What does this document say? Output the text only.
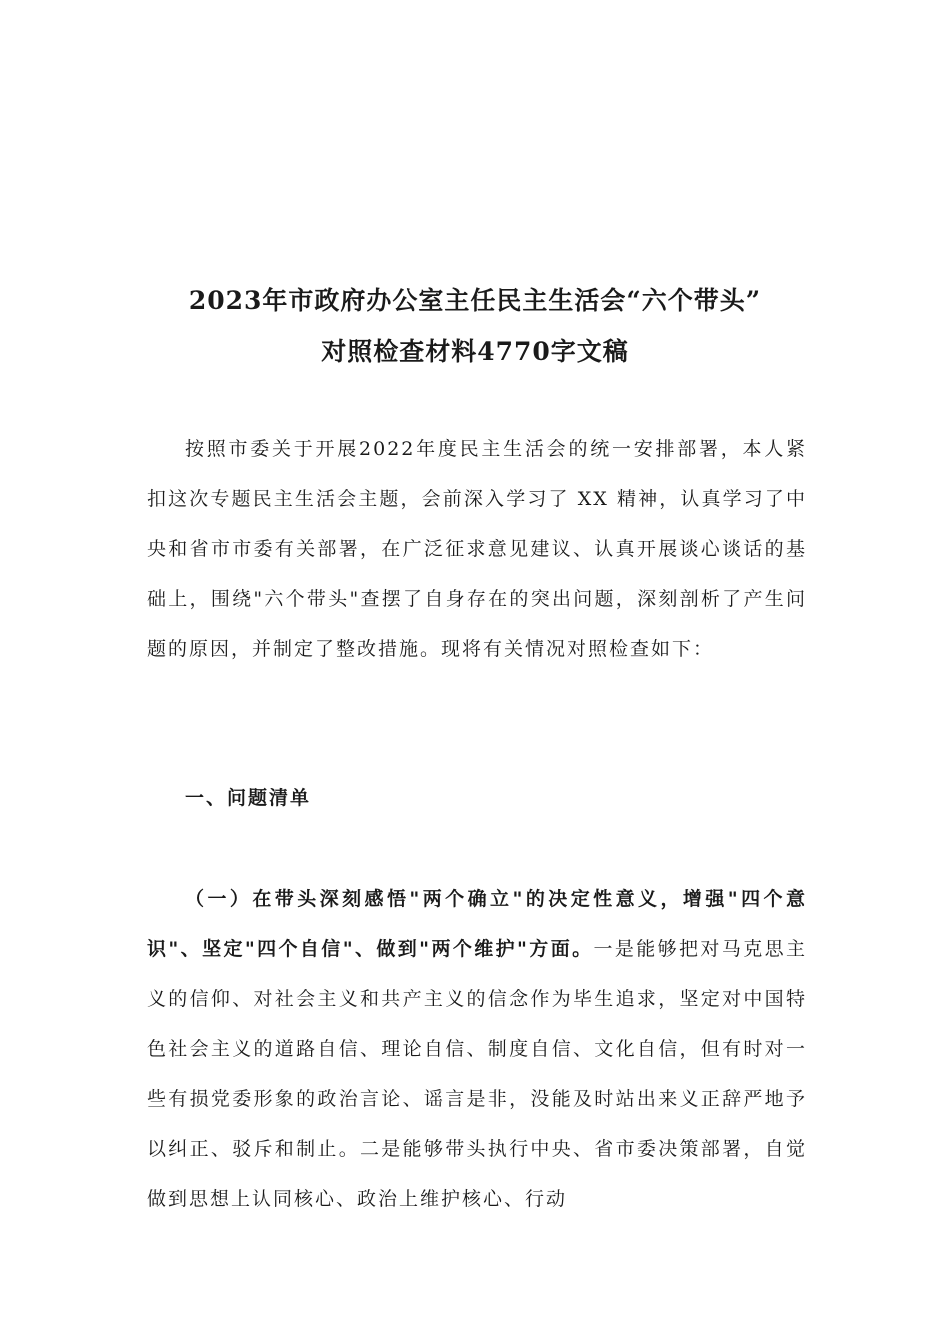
2023年市政府办公室主任民主生活会“六个带头”
对照检查材料4770字文稿
按照市委关于开展2022年度民主生活会的统一安排部署，本人紧扣这次专题民主生活会主题，会前深入学习了 XX 精神，认真学习了中央和省市市委有关部署，在广泛征求意见建议、认真开展谈心谈话的基础上，围绕"六个带头"查摆了自身存在的突出问题，深刻剖析了产生问题的原因，并制定了整改措施。现将有关情况对照检查如下：
一、问题清单
（一）在带头深刻感悟"两个确立"的决定性意义，增强"四个意识"、坚定"四个自信"、做到"两个维护"方面。一是能够把对马克思主义的信仰、对社会主义和共产主义的信念作为毕生追求，坚定对中国特色社会主义的道路自信、理论自信、制度自信、文化自信，但有时对一些有损党委形象的政治言论、谣言是非，没能及时站出来义正辞严地予以纠正、驳斥和制止。二是能够带头执行中央、省市委决策部署，自觉做到思想上认同核心、政治上维护核心、行动
